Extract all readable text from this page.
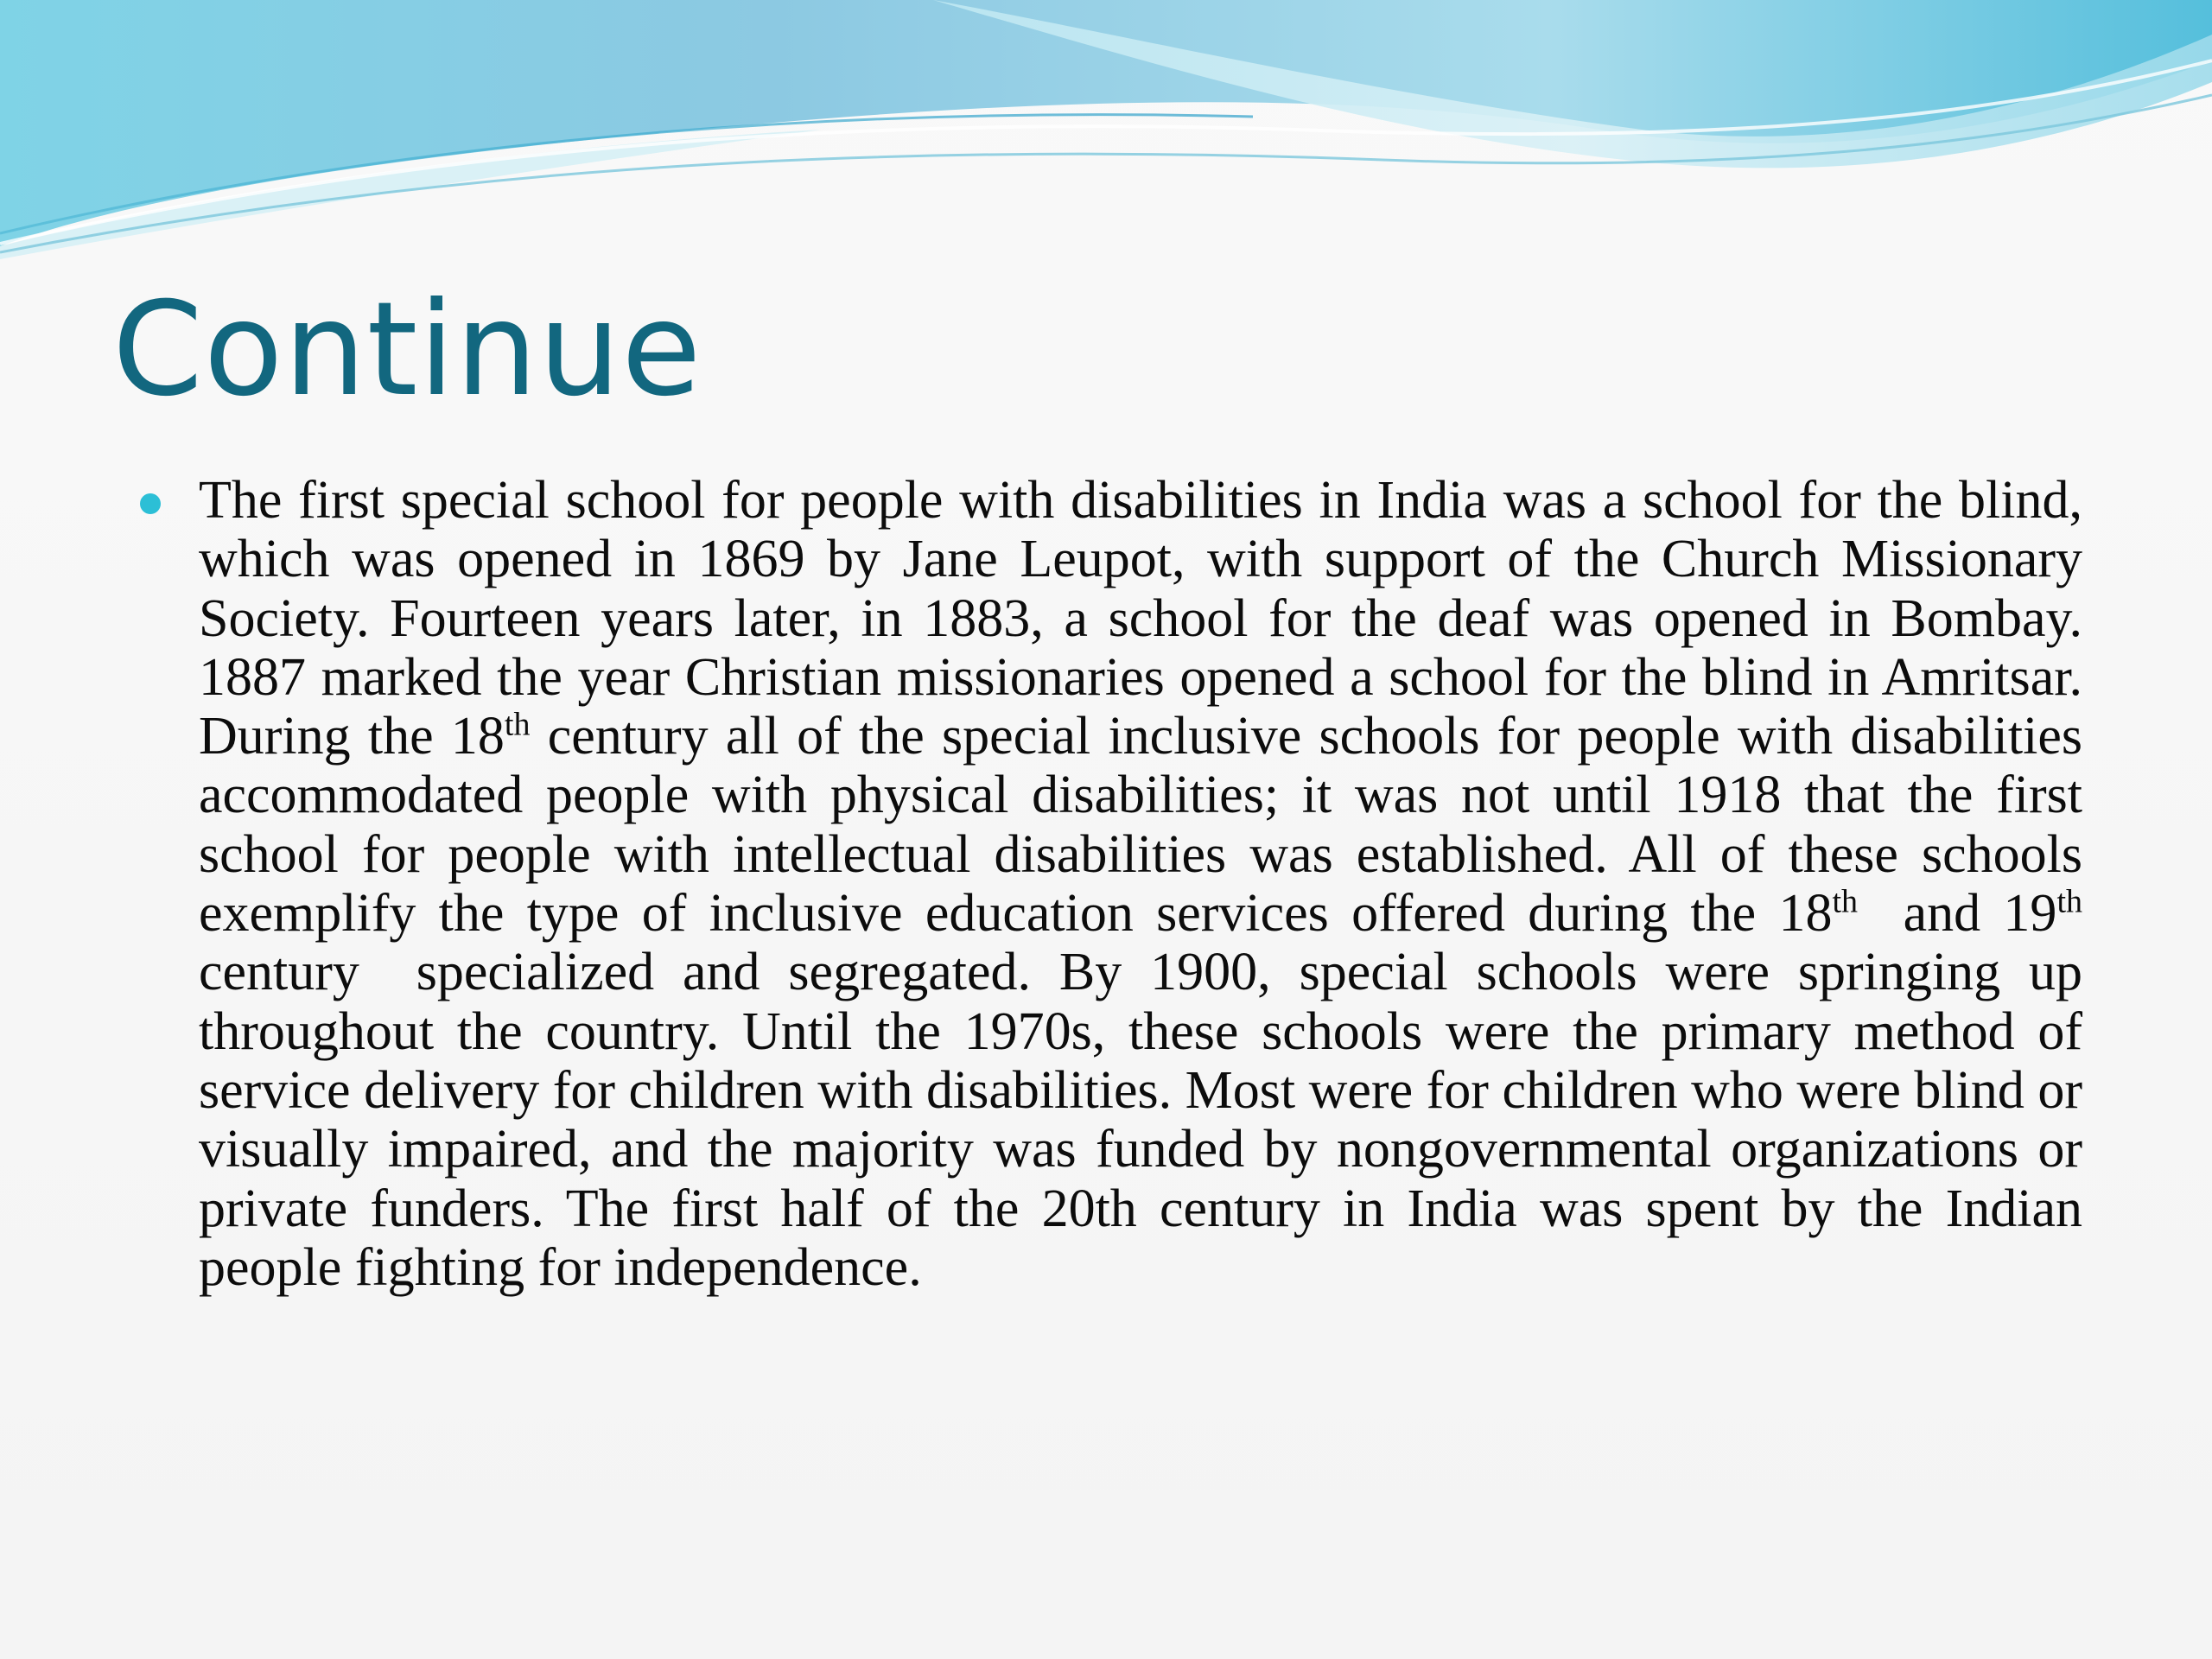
Continue

The first special school for people with disabilities in India was a school for the blind, which was opened in 1869 by Jane Leupot, with support of the Church Missionary Society. Fourteen years later, in 1883, a school for the deaf was opened in Bombay. 1887 marked the year Christian missionaries opened a school for the blind in Amritsar. During the 18th century all of the special inclusive schools for people with disabilities accommodated people with physical disabilities; it was not until 1918 that the first school for people with intellectual disabilities was established. All of these schools exemplify the type of inclusive education services offered during the 18th  and 19th century  specialized and segregated. By 1900, special schools were springing up throughout the country. Until the 1970s, these schools were the primary method of service delivery for children with disabilities. Most were for children who were blind or visually impaired, and the majority was funded by nongovernmental organizations or private funders. The first half of the 20th century in India was spent by the Indian people fighting for independence.
